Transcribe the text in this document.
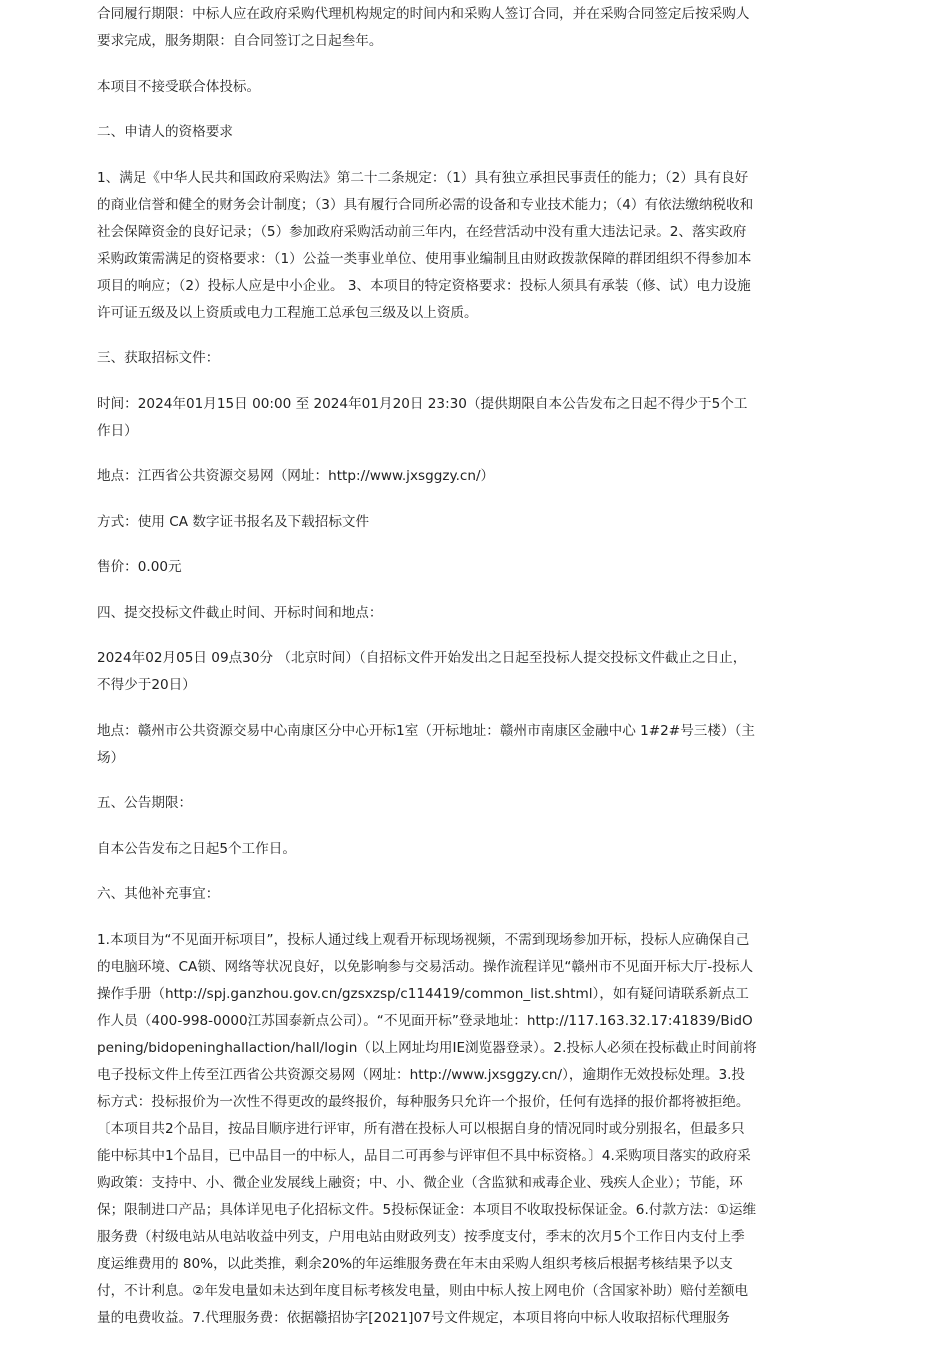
合同履行期限：中标人应在政府采购代理机构规定的时间内和采购人签订合同，并在采购合同签定后按采购人要求完成，服务期限：自合同签订之日起叁年。

本项目不接受联合体投标。

二、申请人的资格要求

1、满足《中华人民共和国政府采购法》第二十二条规定：（1）具有独立承担民事责任的能力；（2）具有良好的商业信誉和健全的财务会计制度；（3）具有履行合同所必需的设备和专业技术能力；（4）有依法缴纳税收和社会保障资金的良好记录；（5）参加政府采购活动前三年内，在经营活动中没有重大违法记录。2、落实政府采购政策需满足的资格要求：（1）公益一类事业单位、使用事业编制且由财政拨款保障的群团组织不得参加本项目的响应；（2）投标人应是中小企业。 3、本项目的特定资格要求：投标人须具有承装（修、试）电力设施许可证五级及以上资质或电力工程施工总承包三级及以上资质。

三、获取招标文件：

时间：2024年01月15日 00:00 至 2024年01月20日 23:30（提供期限自本公告发布之日起不得少于5个工作日）

地点：江西省公共资源交易网（网址：http://www.jxsggzy.cn/）

方式：使用 CA 数字证书报名及下载招标文件

售价：0.00元

四、提交投标文件截止时间、开标时间和地点：

2024年02月05日 09点30分 （北京时间）（自招标文件开始发出之日起至投标人提交投标文件截止之日止，不得少于20日）

地点：赣州市公共资源交易中心南康区分中心开标1室（开标地址：赣州市南康区金融中心 1#2#号三楼）（主场）

五、公告期限：

自本公告发布之日起5个工作日。

六、其他补充事宜：

1.本项目为“不见面开标项目”，投标人通过线上观看开标现场视频，不需到现场参加开标，投标人应确保自己的电脑环境、CA锁、网络等状况良好，以免影响参与交易活动。操作流程详见“赣州市不见面开标大厅-投标人操作手册（http://spj.ganzhou.gov.cn/gzsxzsp/c114419/common_list.shtml），如有疑问请联系新点工作人员（400-998-0000江苏国泰新点公司）。“不见面开标”登录地址：http://117.163.32.17:41839/BidOpening/bidopeninghallaction/hall/login（以上网址均用IE浏览器登录）。2.投标人必须在投标截止时间前将电子投标文件上传至江西省公共资源交易网（网址：http://www.jxsggzy.cn/），逾期作无效投标处理。3.投标方式：投标报价为一次性不得更改的最终报价，每种服务只允许一个报价，任何有选择的报价都将被拒绝。〔本项目共2个品目，按品目顺序进行评审，所有潜在投标人可以根据自身的情况同时或分别报名，但最多只能中标其中1个品目，已中品目一的中标人，品目二可再参与评审但不具中标资格。〕4.采购项目落实的政府采购政策：支持中、小、微企业发展线上融资；中、小、微企业（含监狱和戒毒企业、残疾人企业）；节能，环保；限制进口产品；具体详见电子化招标文件。5投标保证金：本项目不收取投标保证金。6.付款方法：①运维服务费（村级电站从电站收益中列支，户用电站由财政列支）按季度支付，季末的次月5个工作日内支付上季度运维费用的 80%，以此类推，剩余20%的年运维服务费在年末由采购人组织考核后根据考核结果予以支付，不计利息。②年发电量如未达到年度目标考核发电量，则由中标人按上网电价（含国家补助）赔付差额电量的电费收益。7.代理服务费：依据赣招协字[2021]07号文件规定，本项目将向中标人收取招标代理服务
